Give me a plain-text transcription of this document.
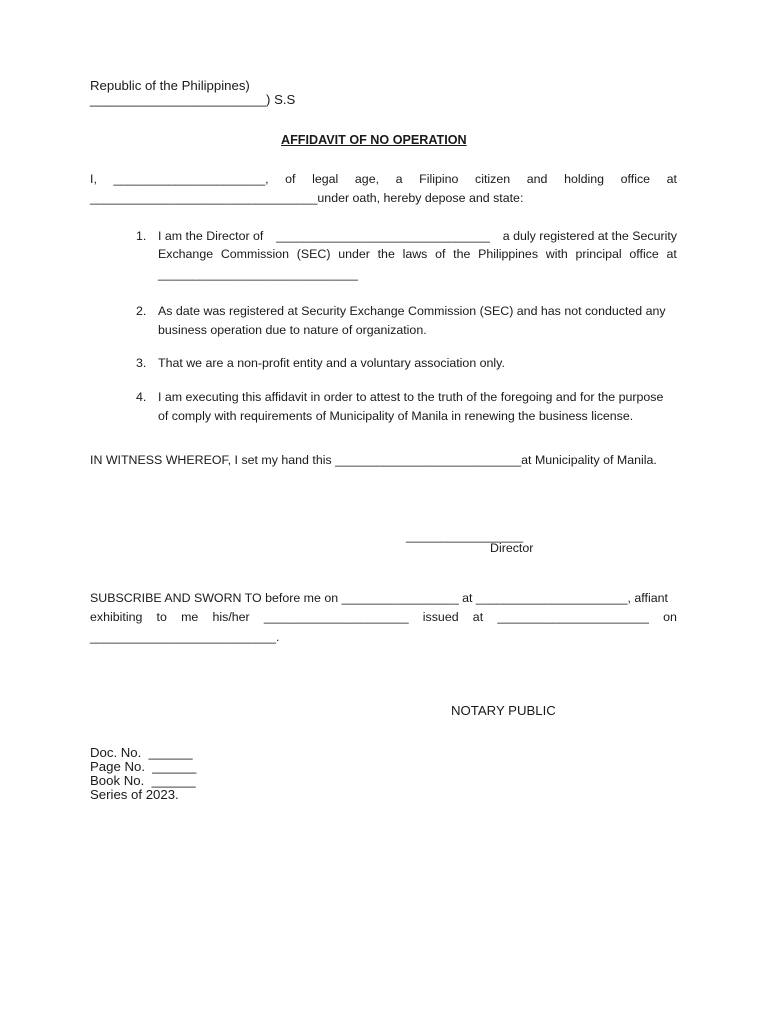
Republic of the Philippines)
________________________) S.S
AFFIDAVIT OF NO OPERATION
I, ______________________, of legal age, a Filipino citizen and holding office at
_________________________________under oath, hereby depose and state:
1. I am the Director of _______________________________ a duly registered at the Security
Exchange Commission (SEC) under the laws of the Philippines with principal office at
_____________________________
2. As date was registered at Security Exchange Commission (SEC) and has not conducted any
business operation due to nature of organization.
3. That we are a non-profit entity and a voluntary association only.
4. I am executing this affidavit in order to attest to the truth of the foregoing and for the purpose
of comply with requirements of Municipality of Manila in renewing the business license.
IN WITNESS WHEREOF, I set my hand this ___________________________at Municipality of Manila.
_________________
Director
SUBSCRIBE AND SWORN TO before me on _________________ at ______________________, affiant
exhibiting to me his/her _____________________ issued at ______________________ on
___________________________.
NOTARY PUBLIC
Doc. No.  ______
Page No.  ______
Book No.  ______
Series of 2023.
